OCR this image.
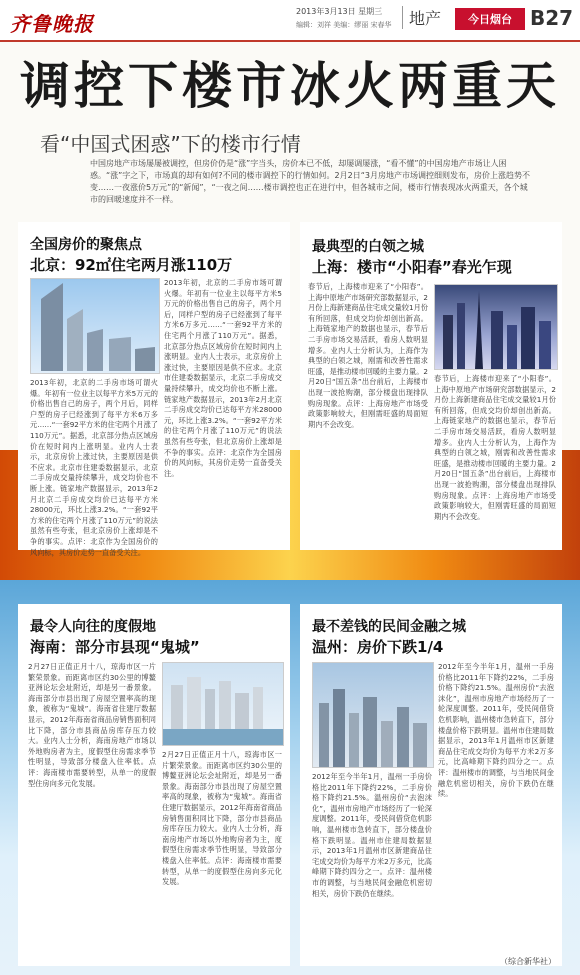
齐鲁晚报
2013年3月13日 星期三
编辑：刘祥 美编：缪丽 宋春华	地产	今日烟台 B27
调控下楼市冰火两重天
看“中国式困惑”下的楼市行情
中国房地产市场屡屡被调控，但房价仍是“涨”字当头，房价本已不低，却屡调屡涨，“看不懂”的中国房地产市场让人困惑。“涨”字之下，市场真的却有如何?不同的楼市调控下的行情如何。2月2日“3月房地产市场调控细则发布，房价上涨趋势不变……一夜涨价5万元”的“新闻”，“一夜之间……楼市调控也正在进行中，但各城市之间，楼市行情表现冰火两重天，各个城市的回暖速度并不一样。
全国房价的聚焦点
北京：92㎡住宅两月涨110万
2013年初，北京的二手房市场可谓火爆。年初有一位业主以每平方米5万元的价格出售自己的房子，两个月后，同样户型的房子已经涨到了每平方米6万多元……“一套92平方米的住宅两个月涨了110万元”。据悉，北京部分热点区域房价在短时间内上涨明显。业内人士表示，北京房价上涨过快，主要原因是供不应求。北京市住建委数据显示，北京二手房成交量持续攀升，成交均价也不断上涨。链家地产数据显示，2013年2月北京二手房成交均价已达每平方米28000元，环比上涨3.2%。“一套92平方米的住宅两个月涨了110万元”的说法虽然有些夸张，但北京房价上涨却是不争的事实。点评：北京作为全国房价的风向标，其房价走势一直备受关注。
2013年初，北京的二手房市场可谓火爆。年初有一位业主以每平方米5万元的价格出售自己的房子，两个月后，同样户型的房子已经涨到了每平方米6万多元……“一套92平方米的住宅两个月涨了110万元”。据悉，北京部分热点区域房价在短时间内上涨明显。业内人士表示，北京房价上涨过快，主要原因是供不应求。北京市住建委数据显示，北京二手房成交量持续攀升，成交均价也不断上涨。链家地产数据显示，2013年2月北京二手房成交均价已达每平方米28000元，环比上涨3.2%。“一套92平方米的住宅两个月涨了110万元”的说法虽然有些夸张，但北京房价上涨却是不争的事实。点评：北京作为全国房价的风向标，其房价走势一直备受关注。
最典型的白领之城
上海：楼市“小阳春”春光乍现
春节后，上海楼市迎来了“小阳春”。上海中原地产市场研究部数据显示，2月份上海新建商品住宅成交量较1月份有所回落，但成交均价却创出新高。上海链家地产的数据也显示，春节后二手房市场交易活跃，看房人数明显增多。业内人士分析认为，上海作为典型的白领之城，刚需和改善性需求旺盛，是推动楼市回暖的主要力量。2月20日“国五条”出台前后，上海楼市出现一波抢购潮，部分楼盘出现排队购房现象。点评：上海房地产市场受政策影响较大，但刚需旺盛的局面短期内不会改变。
春节后，上海楼市迎来了“小阳春”。上海中原地产市场研究部数据显示，2月份上海新建商品住宅成交量较1月份有所回落，但成交均价却创出新高。上海链家地产的数据也显示，春节后二手房市场交易活跃，看房人数明显增多。业内人士分析认为，上海作为典型的白领之城，刚需和改善性需求旺盛，是推动楼市回暖的主要力量。2月20日“国五条”出台前后，上海楼市出现一波抢购潮，部分楼盘出现排队购房现象。点评：上海房地产市场受政策影响较大，但刚需旺盛的局面短期内不会改变。
最令人向往的度假地
海南：部分市县现“鬼城”
2月27日正值正月十八，琼海市区一片繁荣景象。而距离市区约30公里的博鳌亚洲论坛会址附近，却是另一番景象。海南部分市县出现了房屋空置率高的现象，被称为“鬼城”。海南省住建厅数据显示，2012年海南省商品房销售面积同比下降，部分市县商品房库存压力较大。业内人士分析，海南房地产市场以外地购房者为主，度假型住房需求季节性明显，导致部分楼盘入住率低。点评：海南楼市需要转型，从单一的度假型住房向多元化发展。
2月27日正值正月十八，琼海市区一片繁荣景象。而距离市区约30公里的博鳌亚洲论坛会址附近，却是另一番景象。海南部分市县出现了房屋空置率高的现象，被称为“鬼城”。海南省住建厅数据显示，2012年海南省商品房销售面积同比下降，部分市县商品房库存压力较大。业内人士分析，海南房地产市场以外地购房者为主，度假型住房需求季节性明显，导致部分楼盘入住率低。点评：海南楼市需要转型，从单一的度假型住房向多元化发展。
最不差钱的民间金融之城
温州：房价下跌1/4
2012年至今半年1月，温州一手房价格比2011年下降约22%，二手房价格下降约21.5%。温州房价“去泡沫化”，温州市房地产市场经历了一轮深度调整。2011年，受民间借贷危机影响，温州楼市急转直下，部分楼盘价格下跌明显。温州市住建局数据显示，2013年1月温州市区新建商品住宅成交均价为每平方米2万多元，比高峰期下降约四分之一。点评：温州楼市的调整，与当地民间金融危机密切相关，房价下跌仍在继续。
2012年至今半年1月，温州一手房价格比2011年下降约22%，二手房价格下降约21.5%。温州房价“去泡沫化”，温州市房地产市场经历了一轮深度调整。2011年，受民间借贷危机影响，温州楼市急转直下，部分楼盘价格下跌明显。温州市住建局数据显示，2013年1月温州市区新建商品住宅成交均价为每平方米2万多元，比高峰期下降约四分之一。点评：温州楼市的调整，与当地民间金融危机密切相关，房价下跌仍在继续。
（综合新华社）
